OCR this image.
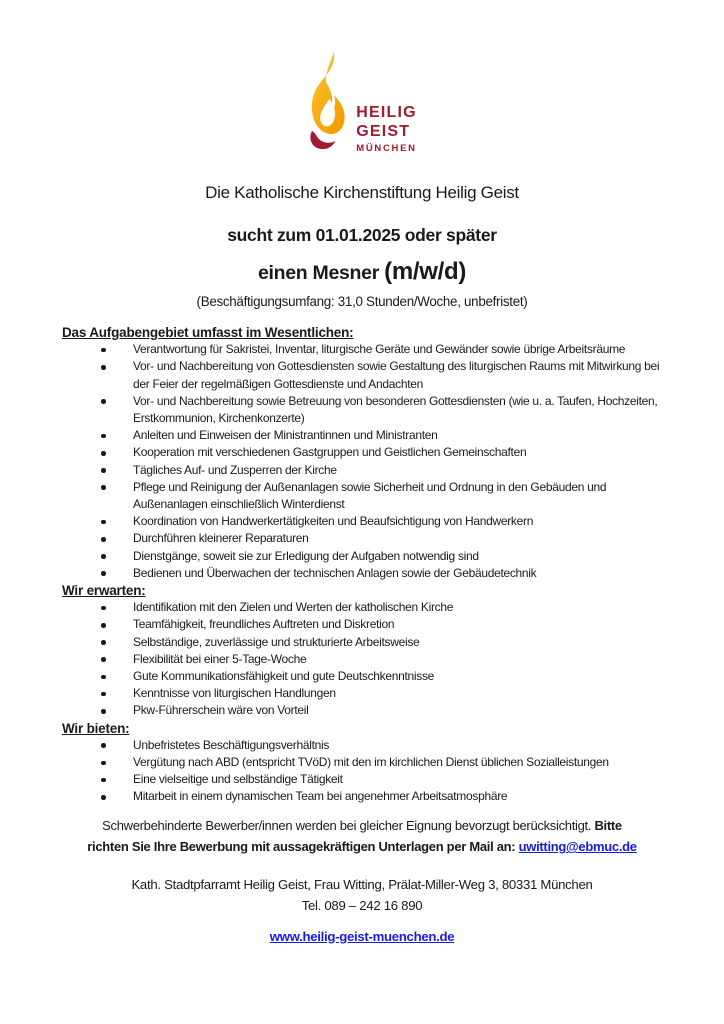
HEILIG
GEIST
MÜNCHEN
Die Katholische Kirchenstiftung Heilig Geist
sucht zum 01.01.2025 oder später
einen Mesner (m/w/d)
(Beschäftigungsumfang: 31,0 Stunden/Woche, unbefristet)
Das Aufgabengebiet umfasst im Wesentlichen:
Verantwortung für Sakristei, Inventar, liturgische Geräte und Gewänder sowie übrige Arbeitsräume
Vor- und Nachbereitung von Gottesdiensten sowie Gestaltung des liturgischen Raums mit Mitwirkung bei der Feier der regelmäßigen Gottesdienste und Andachten
Vor- und Nachbereitung sowie Betreuung von besonderen Gottesdiensten (wie u. a. Taufen, Hochzeiten, Erstkommunion, Kirchenkonzerte)
Anleiten und Einweisen der Ministrantinnen und Ministranten
Kooperation mit verschiedenen Gastgruppen und Geistlichen Gemeinschaften
Tägliches Auf- und Zusperren der Kirche
Pflege und Reinigung der Außenanlagen sowie Sicherheit und Ordnung in den Gebäuden und Außenanlagen einschließlich Winterdienst
Koordination von Handwerkertätigkeiten und Beaufsichtigung von Handwerkern
Durchführen kleinerer Reparaturen
Dienstgänge, soweit sie zur Erledigung der Aufgaben notwendig sind
Bedienen und Überwachen der technischen Anlagen sowie der Gebäudetechnik
Wir erwarten:
Identifikation mit den Zielen und Werten der katholischen Kirche
Teamfähigkeit, freundliches Auftreten und Diskretion
Selbständige, zuverlässige und strukturierte Arbeitsweise
Flexibilität bei einer 5-Tage-Woche
Gute Kommunikationsfähigkeit und gute Deutschkenntnisse
Kenntnisse von liturgischen Handlungen
Pkw-Führerschein wäre von Vorteil
Wir bieten:
Unbefristetes Beschäftigungsverhältnis
Vergütung nach ABD (entspricht TVöD) mit den im kirchlichen Dienst üblichen Sozialleistungen
Eine vielseitige und selbständige Tätigkeit
Mitarbeit in einem dynamischen Team bei angenehmer Arbeitsatmosphäre
Schwerbehinderte Bewerber/innen werden bei gleicher Eignung bevorzugt berücksichtigt. Bitte
richten Sie Ihre Bewerbung mit aussagekräftigen Unterlagen per Mail an: uwitting@ebmuc.de
Kath. Stadtpfarramt Heilig Geist, Frau Witting, Prälat-Miller-Weg 3, 80331 München
Tel. 089 – 242 16 890
www.heilig-geist-muenchen.de
